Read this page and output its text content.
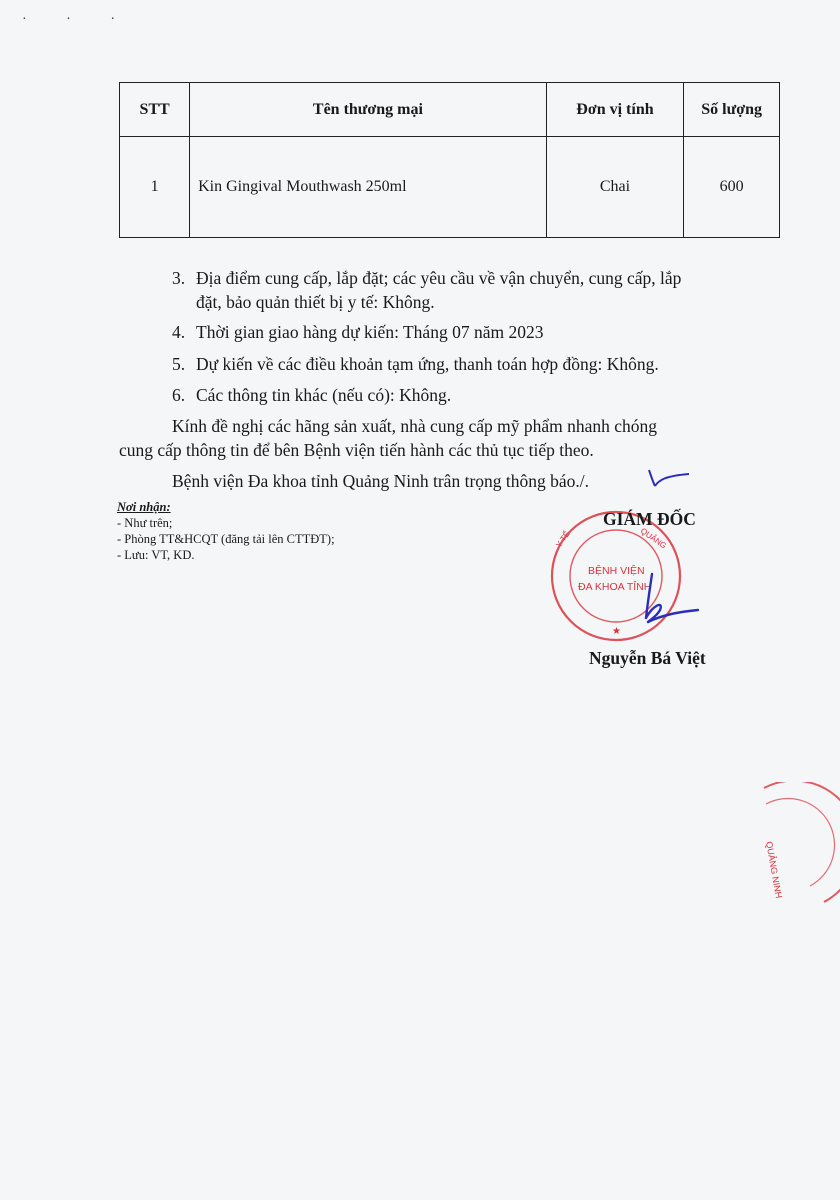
· · ·
STT	Tên thương mại	Đơn vị tính	Số lượng
1	Kin Gingival Mouthwash 250ml	Chai	600
3. Địa điểm cung cấp, lắp đặt; các yêu cầu về vận chuyển, cung cấp, lắp
đặt, bảo quản thiết bị y tế: Không.
4. Thời gian giao hàng dự kiến: Tháng 07 năm 2023
5. Dự kiến về các điều khoản tạm ứng, thanh toán hợp đồng: Không.
6. Các thông tin khác (nếu có): Không.
Kính đề nghị các hãng sản xuất, nhà cung cấp mỹ phẩm nhanh chóng
cung cấp thông tin để bên Bệnh viện tiến hành các thủ tục tiếp theo.
Bệnh viện Đa khoa tỉnh Quảng Ninh trân trọng thông báo./.
Nơi nhận:
- Như trên;
- Phòng TT&HCQT (đăng tải lên CTTĐT);
- Lưu: VT, KD.
BỆNH VIỆN
ĐA KHOA TỈNH
QUẢNG
Y TẾ
★
GIÁM ĐỐC
Nguyễn Bá Việt
QUẢNG NINH
